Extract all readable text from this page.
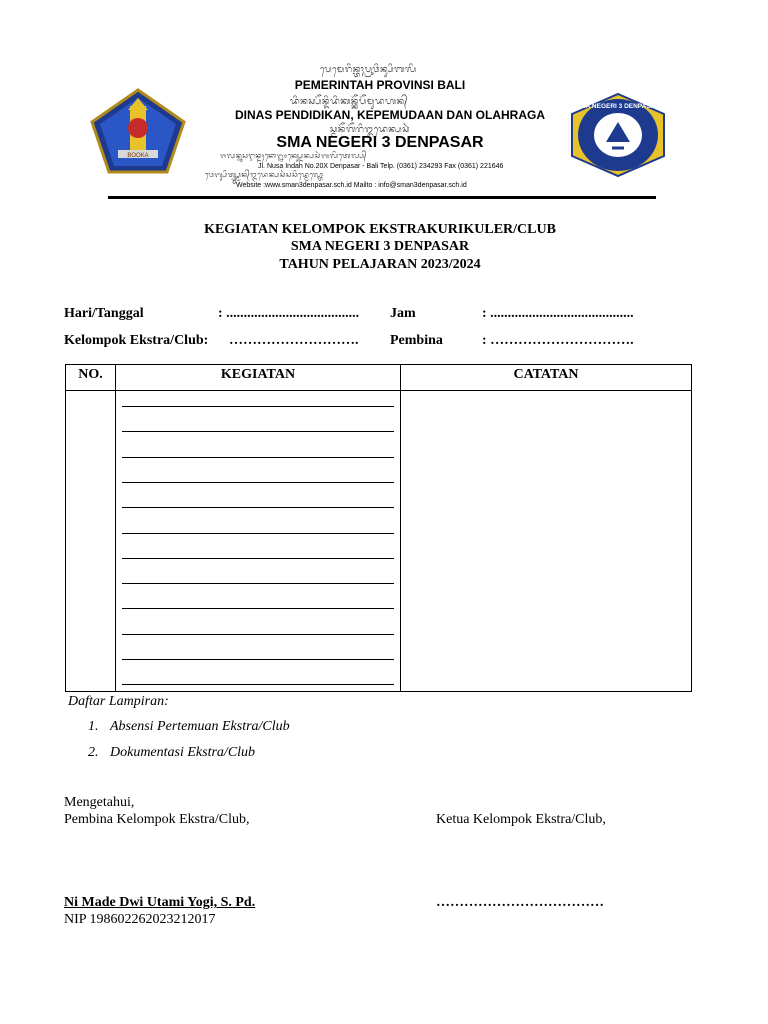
BOOKA
ᬧᬾᬫᬾᬭᬶᬦ᭄ᬢᬄᬧ᭄ᬭᬸᬯᬶᬦ᭄ᬲᬶᬩᬮᬶ
PEMERINTAH PROVINSI BALI
ᬤᬶᬦᬲ᭄ᬧᭂᬦ᭄ᬤᬶᬤᬶᬓᬦ᭄ᬓᭂᬧᭂᬫᬸᬤᬳᬦ᭄
DINAS PENDIDIKAN, KEPEMUDAAN DAN OLAHRAGA
ᬲ᭄ᬫᬦᭂᬕᭂᬭᬶ᭓ᬤᬾᬦ᭄ᬧᬲᬃ
SMA NEGERI 3 DENPASAR
ᬚᬮᬦ᭄ᬦᬸᬲᬇᬦ᭄ᬤᬄᬦᭀ᭒᭐ᬓ᭄ᬲ᭄ᬤᬾᬦ᭄ᬧᬲᬃᬩᬮᬶᬢᬾᬮ᭄ᬧ᭄
Jl. Nusa Indah No.20X Denpasar - Bali Telp. (0361) 234293 Fax (0361) 221646
ᬯᬾᬩ᭄ᬲᬶᬢ᭄ᬯ᭄ᬯ᭄ᬯ᭄ᬲ᭄ᬫᬦ᭄᭓ᬤᬾᬦ᭄ᬧᬲᬃᬲᬘᬶᬤ᭄ᬫᬾᬮ᭄ᬢᭀ
Website :www.sman3denpasar.sch.id Mailto : info@sman3denpasar.sch.id
SMA NEGERI 3 DENPASAR
KEGIATAN KELOMPOK EKSTRAKURIKULER/CLUB
SMA NEGERI 3 DENPASAR
TAHUN PELAJARAN 2023/2024
Hari/Tanggal	: ...................................... Jam	: .........................................
Kelompok Ekstra/Club: ………………………. Pembina	: ………………………….
NO.	KEGIATAN	CATATAN
Daftar Lampiran:
1. Absensi Pertemuan Ekstra/Club
2. Dokumentasi Ekstra/Club
Mengetahui,
Pembina Kelompok Ekstra/Club,	Ketua Kelompok Ekstra/Club,
Ni Made Dwi Utami Yogi, S. Pd.	………………………………
NIP 198602262023212017
